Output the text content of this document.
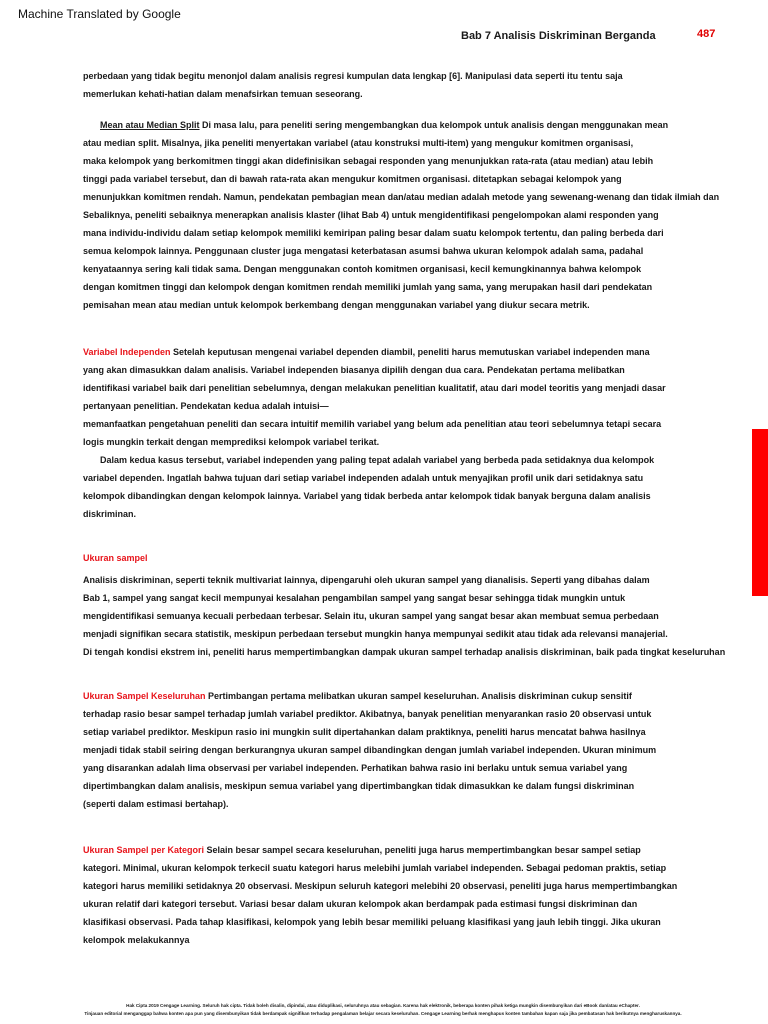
Machine Translated by Google
Bab 7 Analisis Diskriminan Berganda	487
perbedaan yang tidak begitu menonjol dalam analisis regresi kumpulan data lengkap [6]. Manipulasi data seperti itu tentu saja
memerlukan kehati-hatian dalam menafsirkan temuan seseorang.
Mean atau Median Split Di masa lalu, para peneliti sering mengembangkan dua kelompok untuk analisis dengan menggunakan mean
atau median split. Misalnya, jika peneliti menyertakan variabel (atau konstruksi multi-item) yang mengukur komitmen organisasi,
maka kelompok yang berkomitmen tinggi akan didefinisikan sebagai responden yang menunjukkan rata-rata (atau median) atau lebih
tinggi pada variabel tersebut, dan di bawah rata-rata akan mengukur komitmen organisasi. ditetapkan sebagai kelompok yang
menunjukkan komitmen rendah. Namun, pendekatan pembagian mean dan/atau median adalah metode yang sewenang-wenang dan tidak ilmiah dan
Sebaliknya, peneliti sebaiknya menerapkan analisis klaster (lihat Bab 4) untuk mengidentifikasi pengelompokan alami responden yang
mana individu-individu dalam setiap kelompok memiliki kemiripan paling besar dalam suatu kelompok tertentu, dan paling berbeda dari
semua kelompok lainnya. Penggunaan cluster juga mengatasi keterbatasan asumsi bahwa ukuran kelompok adalah sama, padahal
kenyataannya sering kali tidak sama. Dengan menggunakan contoh komitmen organisasi, kecil kemungkinannya bahwa kelompok
dengan komitmen tinggi dan kelompok dengan komitmen rendah memiliki jumlah yang sama, yang merupakan hasil dari pendekatan
pemisahan mean atau median untuk kelompok berkembang dengan menggunakan variabel yang diukur secara metrik.
Variabel Independen Setelah keputusan mengenai variabel dependen diambil, peneliti harus memutuskan variabel independen mana
yang akan dimasukkan dalam analisis. Variabel independen biasanya dipilih dengan dua cara. Pendekatan pertama melibatkan
identifikasi variabel baik dari penelitian sebelumnya, dengan melakukan penelitian kualitatif, atau dari model teoritis yang menjadi dasar
pertanyaan penelitian. Pendekatan kedua adalah intuisi—
memanfaatkan pengetahuan peneliti dan secara intuitif memilih variabel yang belum ada penelitian atau teori sebelumnya tetapi secara
logis mungkin terkait dengan memprediksi kelompok variabel terikat.
Dalam kedua kasus tersebut, variabel independen yang paling tepat adalah variabel yang berbeda pada setidaknya dua kelompok
variabel dependen. Ingatlah bahwa tujuan dari setiap variabel independen adalah untuk menyajikan profil unik dari setidaknya satu
kelompok dibandingkan dengan kelompok lainnya. Variabel yang tidak berbeda antar kelompok tidak banyak berguna dalam analisis
diskriminan.
Ukuran sampel
Analisis diskriminan, seperti teknik multivariat lainnya, dipengaruhi oleh ukuran sampel yang dianalisis. Seperti yang dibahas dalam
Bab 1, sampel yang sangat kecil mempunyai kesalahan pengambilan sampel yang sangat besar sehingga tidak mungkin untuk
mengidentifikasi semuanya kecuali perbedaan terbesar. Selain itu, ukuran sampel yang sangat besar akan membuat semua perbedaan
menjadi signifikan secara statistik, meskipun perbedaan tersebut mungkin hanya mempunyai sedikit atau tidak ada relevansi manajerial.
Di tengah kondisi ekstrem ini, peneliti harus mempertimbangkan dampak ukuran sampel terhadap analisis diskriminan, baik pada tingkat keseluruhan
Ukuran Sampel Keseluruhan Pertimbangan pertama melibatkan ukuran sampel keseluruhan. Analisis diskriminan cukup sensitif
terhadap rasio besar sampel terhadap jumlah variabel prediktor. Akibatnya, banyak penelitian menyarankan rasio 20 observasi untuk
setiap variabel prediktor. Meskipun rasio ini mungkin sulit dipertahankan dalam praktiknya, peneliti harus mencatat bahwa hasilnya
menjadi tidak stabil seiring dengan berkurangnya ukuran sampel dibandingkan dengan jumlah variabel independen. Ukuran minimum
yang disarankan adalah lima observasi per variabel independen. Perhatikan bahwa rasio ini berlaku untuk semua variabel yang
dipertimbangkan dalam analisis, meskipun semua variabel yang dipertimbangkan tidak dimasukkan ke dalam fungsi diskriminan
(seperti dalam estimasi bertahap).
Ukuran Sampel per Kategori Selain besar sampel secara keseluruhan, peneliti juga harus mempertimbangkan besar sampel setiap
kategori. Minimal, ukuran kelompok terkecil suatu kategori harus melebihi jumlah variabel independen. Sebagai pedoman praktis, setiap
kategori harus memiliki setidaknya 20 observasi. Meskipun seluruh kategori melebihi 20 observasi, peneliti juga harus mempertimbangkan
ukuran relatif dari kategori tersebut. Variasi besar dalam ukuran kelompok akan berdampak pada estimasi fungsi diskriminan dan
klasifikasi observasi. Pada tahap klasifikasi, kelompok yang lebih besar memiliki peluang klasifikasi yang jauh lebih tinggi. Jika ukuran
kelompok melakukannya
Hak Cipta 2019 Cengage Learning. Seluruh hak cipta. Tidak boleh disalin, dipindai, atau diduplikasi, seluruhnya atau sebagian. Karena hak elektronik, beberapa konten pihak ketiga mungkin disembunyikan dari eBook dan/atau eChapter.
Tinjauan editorial menganggap bahwa konten apa pun yang disembunyikan tidak berdampak signifikan terhadap pengalaman belajar secara keseluruhan. Cengage Learning berhak menghapus konten tambahan kapan saja jika pembatasan hak berikutnya mengharuskannya.
